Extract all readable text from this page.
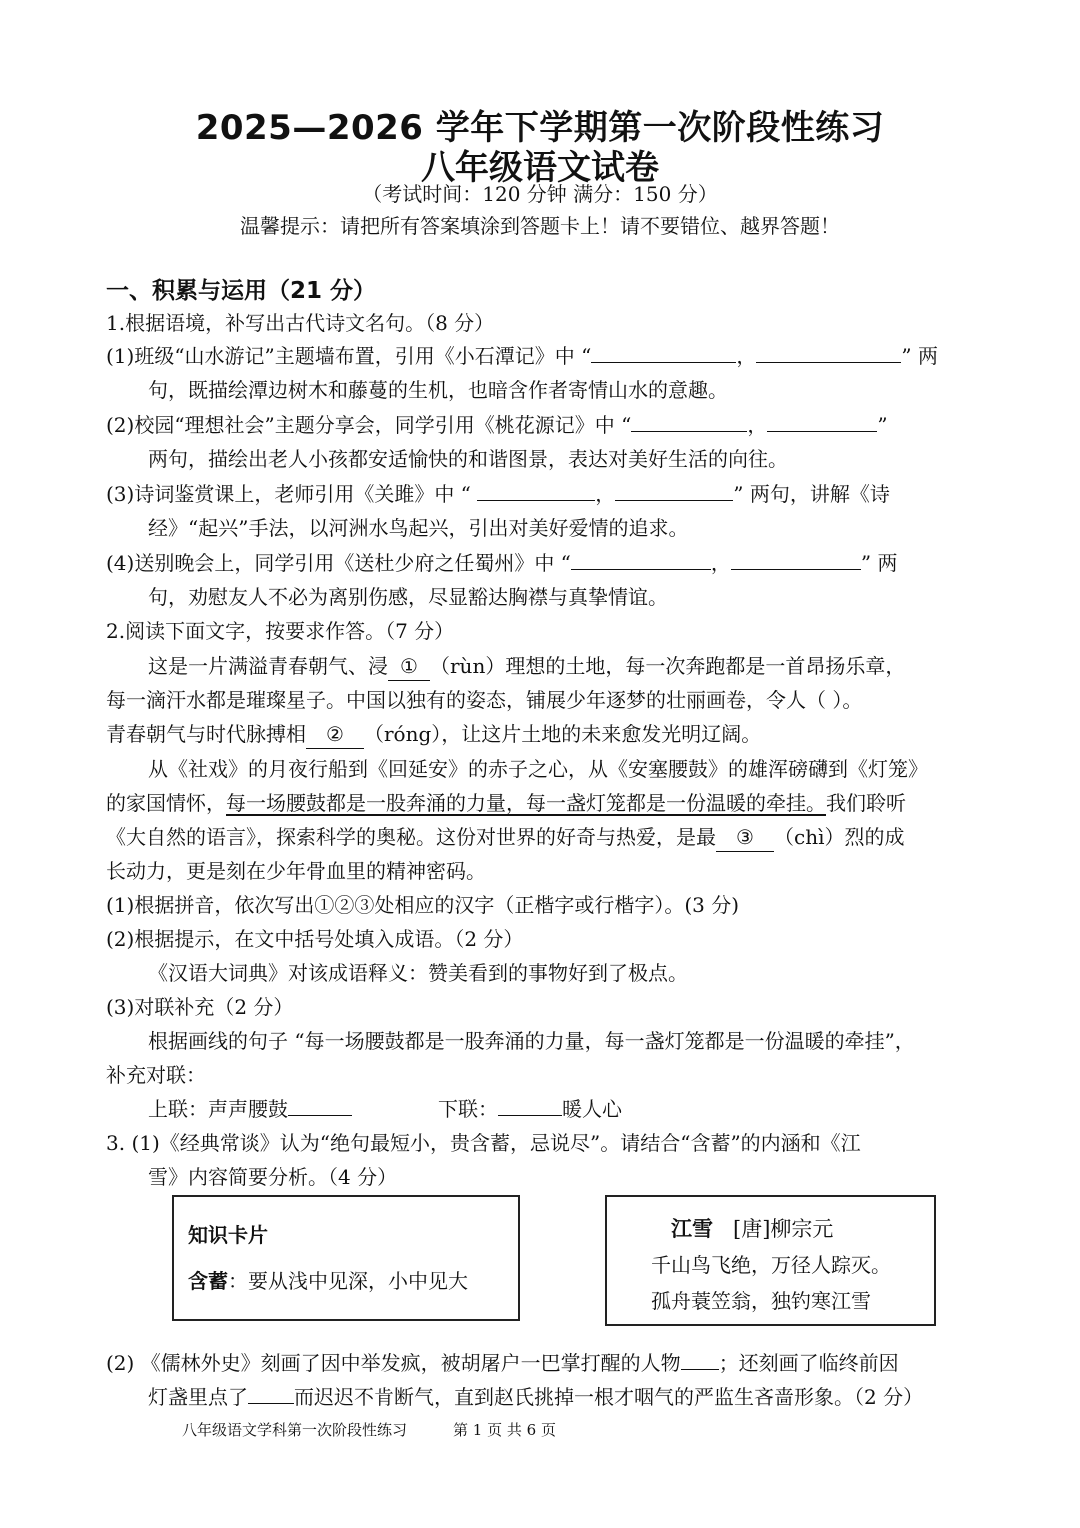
2025—2026 学年下学期第一次阶段性练习
八年级语文试卷
（考试时间：120 分钟 满分：150 分）
温馨提示：请把所有答案填涂到答题卡上！请不要错位、越界答题！
一、积累与运用（21 分）
1.根据语境，补写出古代诗文名句。（8 分）
(1)班级“山水游记”主题墙布置，引用《小石潭记》中 “	，	” 两
句，既描绘潭边树木和藤蔓的生机，也暗含作者寄情山水的意趣。
(2)校园“理想社会”主题分享会，同学引用《桃花源记》中 “	，	”
两句，描绘出老人小孩都安适愉快的和谐图景，表达对美好生活的向往。
(3)诗词鉴赏课上，老师引用《关雎》中 “	，	” 两句，讲解《诗
经》“起兴”手法，以河洲水鸟起兴，引出对美好爱情的追求。
(4)送别晚会上，同学引用《送杜少府之任蜀州》中 “	，	” 两
句，劝慰友人不必为离别伤感，尽显豁达胸襟与真挚情谊。
2.阅读下面文字，按要求作答。（7 分）
这是一片满溢青春朝气、浸 ① （rùn）理想的土地，每一次奔跑都是一首昂扬乐章，
每一滴汗水都是璀璨星子。中国以独有的姿态，铺展少年逐梦的壮丽画卷，令人（ ）。
青春朝气与时代脉搏相 ② （róng），让这片土地的未来愈发光明辽阔。
从《社戏》的月夜行船到《回延安》的赤子之心，从《安塞腰鼓》的雄浑磅礴到《灯笼》
的家国情怀，每一场腰鼓都是一股奔涌的力量，每一盏灯笼都是一份温暖的牵挂。我们聆听
《大自然的语言》，探索科学的奥秘。这份对世界的好奇与热爱，是最 ③ （chì）烈的成
长动力，更是刻在少年骨血里的精神密码。
(1)根据拼音，依次写出①②③处相应的汉字（正楷字或行楷字）。(3 分)
(2)根据提示，在文中括号处填入成语。（2 分）
《汉语大词典》对该成语释义：赞美看到的事物好到了极点。
(3)对联补充（2 分）
根据画线的句子 “每一场腰鼓都是一股奔涌的力量，每一盏灯笼都是一份温暖的牵挂”，
补充对联：
上联：声声腰鼓	下联：	暖人心
3. (1)《经典常谈》认为“绝句最短小，贵含蓄，忌说尽”。请结合“含蓄”的内涵和《江
雪》内容简要分析。（4 分）
知识卡片
含蓄：要从浅中见深，小中见大
江雪 [唐]柳宗元
千山鸟飞绝，万径人踪灭。
孤舟蓑笠翁，独钓寒江雪
(2) 《儒林外史》刻画了因中举发疯，被胡屠户一巴掌打醒的人物 ；还刻画了临终前因
灯盏里点了 而迟迟不肯断气，直到赵氏挑掉一根才咽气的严监生吝啬形象。（2 分）
八年级语文学科第一次阶段性练习	第 1 页 共 6 页
